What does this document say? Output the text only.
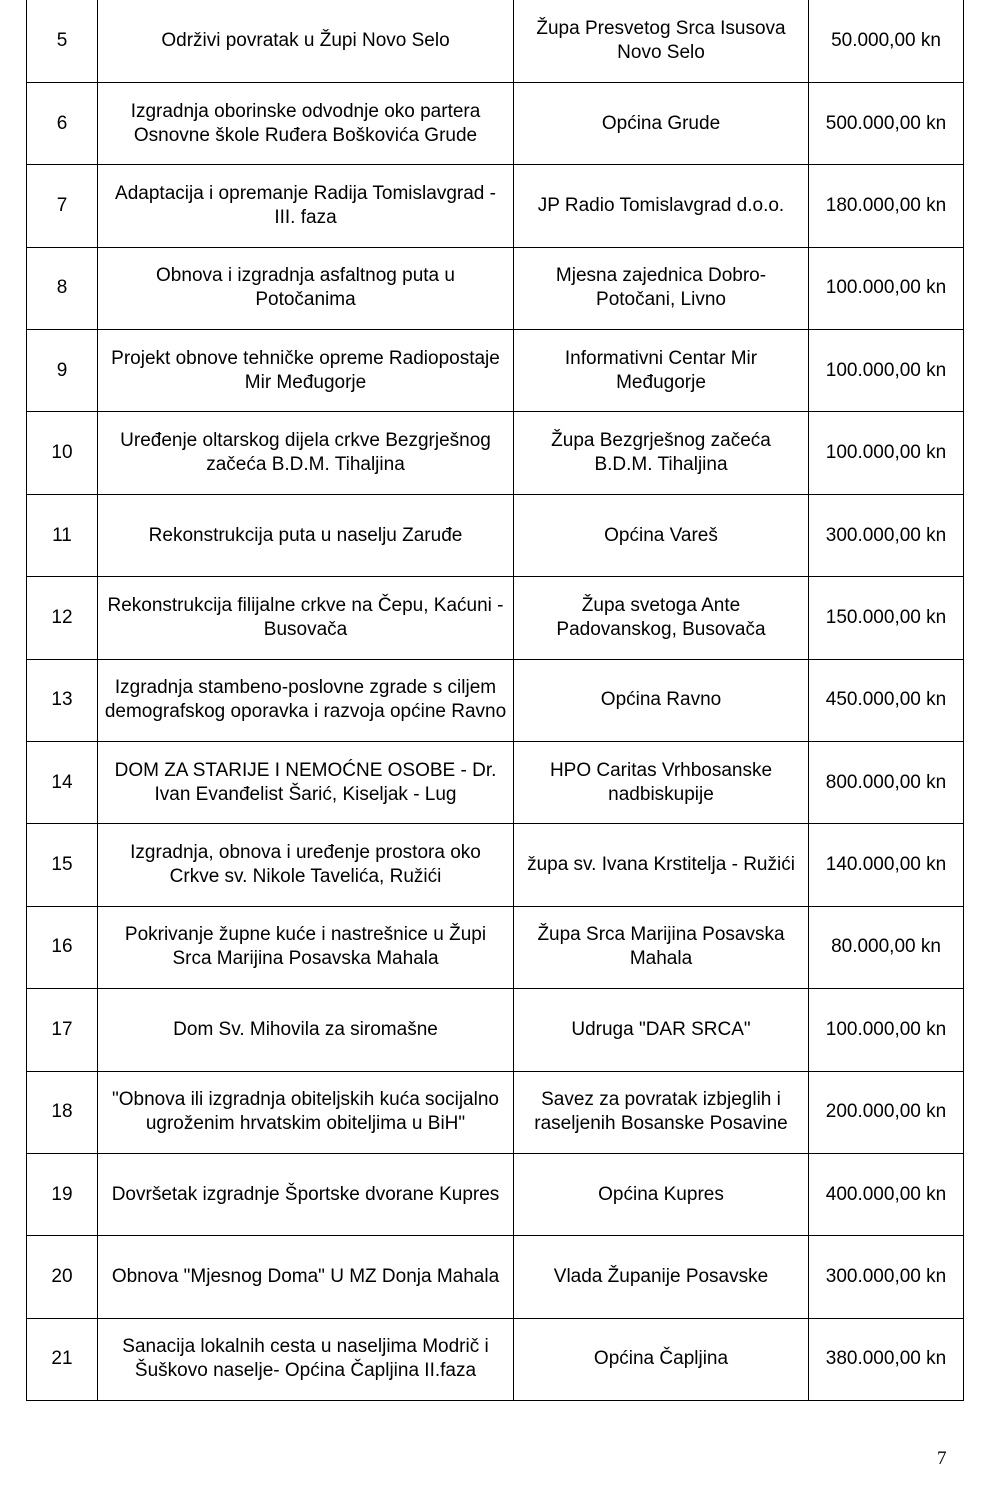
5	Održivi povratak u Župi Novo Selo	Župa Presvetog Srca Isusova Novo Selo	50.000,00 kn
6	Izgradnja oborinske odvodnje oko partera Osnovne škole Ruđera Boškovića Grude	Općina Grude	500.000,00 kn
7	Adaptacija i opremanje Radija Tomislavgrad - III. faza	JP Radio Tomislavgrad d.o.o.	180.000,00 kn
8	Obnova i izgradnja asfaltnog puta u Potočanima	Mjesna zajednica Dobro-Potočani, Livno	100.000,00 kn
9	Projekt obnove tehničke opreme Radiopostaje Mir Međugorje	Informativni Centar Mir Međugorje	100.000,00 kn
10	Uređenje oltarskog dijela crkve Bezgrješnog začeća B.D.M. Tihaljina	Župa Bezgrješnog začeća B.D.M. Tihaljina	100.000,00 kn
11	Rekonstrukcija puta u naselju Zaruđe	Općina Vareš	300.000,00 kn
12	Rekonstrukcija filijalne crkve na Čepu, Kaćuni - Busovača	Župa svetoga Ante Padovanskog, Busovača	150.000,00 kn
13	Izgradnja stambeno-poslovne zgrade s ciljem demografskog oporavka i razvoja općine Ravno	Općina Ravno	450.000,00 kn
14	DOM ZA STARIJE I NEMOĆNE OSOBE - Dr. Ivan Evanđelist Šarić, Kiseljak - Lug	HPO Caritas Vrhbosanske nadbiskupije	800.000,00 kn
15	Izgradnja, obnova i uređenje prostora oko Crkve sv. Nikole Tavelića, Ružići	župa sv. Ivana Krstitelja - Ružići	140.000,00 kn
16	Pokrivanje župne kuće i nastrešnice u Župi Srca Marijina Posavska Mahala	Župa Srca Marijina Posavska Mahala	80.000,00 kn
17	Dom Sv. Mihovila za siromašne	Udruga "DAR SRCA"	100.000,00 kn
18	"Obnova ili izgradnja obiteljskih kuća socijalno ugroženim hrvatskim obiteljima u BiH"	Savez za povratak izbjeglih i raseljenih Bosanske Posavine	200.000,00 kn
19	Dovršetak izgradnje Športske dvorane Kupres	Općina Kupres	400.000,00 kn
20	Obnova "Mjesnog Doma" U MZ Donja Mahala	Vlada Županije Posavske	300.000,00 kn
21	Sanacija lokalnih cesta u naseljima Modrič i Šuškovo naselje- Općina Čapljina II.faza	Općina Čapljina	380.000,00 kn
7
